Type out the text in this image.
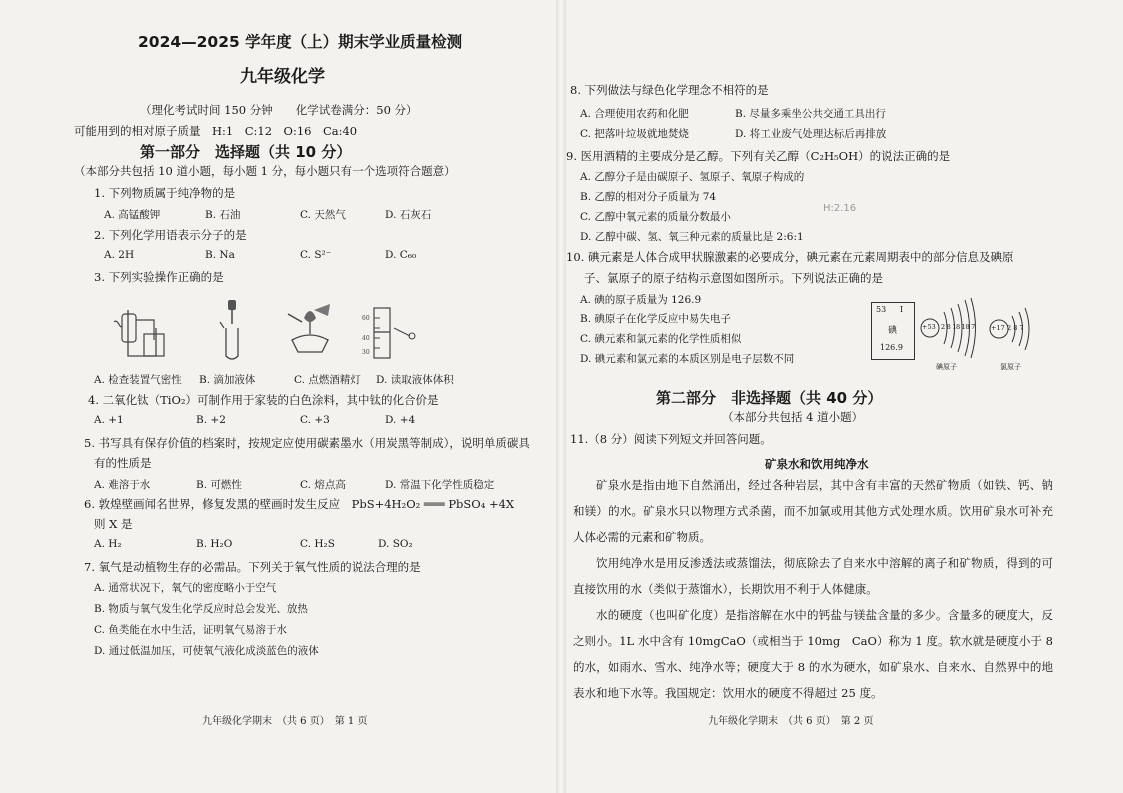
2024—2025 学年度（上）期末学业质量检测
九年级化学
（理化考试时间 150 分钟　　化学试卷满分：50 分）
可能用到的相对原子质量　H:1　C:12　O:16　Ca:40
第一部分　选择题（共 10 分）
（本部分共包括 10 道小题，每小题 1 分，每小题只有一个选项符合题意）
1. 下列物质属于纯净物的是
A. 高锰酸钾	B. 石油	C. 天然气	D. 石灰石
2. 下列化学用语表示分子的是
A. 2H	B. Na	C. S²⁻	D. C₆₀
3. 下列实验操作正确的是
60
40
30
A. 检查装置气密性 B. 滴加液体	C. 点燃酒精灯 D. 读取液体体积
4. 二氧化钛（TiO₂）可制作用于家装的白色涂料，其中钛的化合价是
A. +1	B. +2	C. +3	D. +4
5. 书写具有保存价值的档案时，按规定应使用碳素墨水（用炭黑等制成），说明单质碳具
有的性质是
A. 难溶于水	B. 可燃性	C. 熔点高	D. 常温下化学性质稳定
6. 敦煌壁画闻名世界，修复发黑的壁画时发生反应　PbS+4H₂O₂ ═══ PbSO₄ +4X
则 X 是
A. H₂	B. H₂O	C. H₂S	D. SO₂
7. 氧气是动植物生存的必需品。下列关于氧气性质的说法合理的是
A. 通常状况下，氧气的密度略小于空气
B. 物质与氧气发生化学反应时总会发光、放热
C. 鱼类能在水中生活，证明氧气易溶于水
D. 通过低温加压，可使氧气液化成淡蓝色的液体
九年级化学期末　（共 6 页）　第 1 页
8. 下列做法与绿色化学理念不相符的是
A. 合理使用农药和化肥	B. 尽量多乘坐公共交通工具出行
C. 把落叶垃圾就地焚烧	D. 将工业废气处理达标后再排放
9. 医用酒精的主要成分是乙醇。下列有关乙醇（C₂H₅OH）的说法正确的是
A. 乙醇分子是由碳原子、氢原子、氧原子构成的
B. 乙醇的相对分子质量为 74
C. 乙醇中氧元素的质量分数最小
D. 乙醇中碳、氢、氧三种元素的质量比是 2:6:1
H:2.16
10. 碘元素是人体合成甲状腺激素的必要成分，碘元素在元素周期表中的部分信息及碘原
子、氯原子的原子结构示意图如图所示。下列说法正确的是
A. 碘的原子质量为 126.9
B. 碘原子在化学反应中易失电子
C. 碘元素和氯元素的化学性质相似
D. 碘元素和氯元素的本质区别是电子层数不同
53 I
碘
126.9
+53 2 8 18 18 7
碘原子
+17 2 8 7
氯原子
第二部分　非选择题（共 40 分）
（本部分共包括 4 道小题）
11.（8 分）阅读下列短文并回答问题。
矿泉水和饮用纯净水
矿泉水是指由地下自然涌出，经过各种岩层，其中含有丰富的天然矿物质（如铁、钙、钠和镁）的水。矿泉水只以物理方式杀菌，而不加氯或用其他方式处理水质。饮用矿泉水可补充人体必需的元素和矿物质。
饮用纯净水是用反渗透法或蒸馏法，彻底除去了自来水中溶解的离子和矿物质，得到的可直接饮用的水（类似于蒸馏水），长期饮用不利于人体健康。
水的硬度（也叫矿化度）是指溶解在水中的钙盐与镁盐含量的多少。含量多的硬度大，反之则小。1L 水中含有 10mgCaO（或相当于 10mg　CaO）称为 1 度。软水就是硬度小于 8 的水，如雨水、雪水、纯净水等；硬度大于 8 的水为硬水，如矿泉水、自来水、自然界中的地表水和地下水等。我国规定：饮用水的硬度不得超过 25 度。
九年级化学期末　（共 6 页）　第 2 页
